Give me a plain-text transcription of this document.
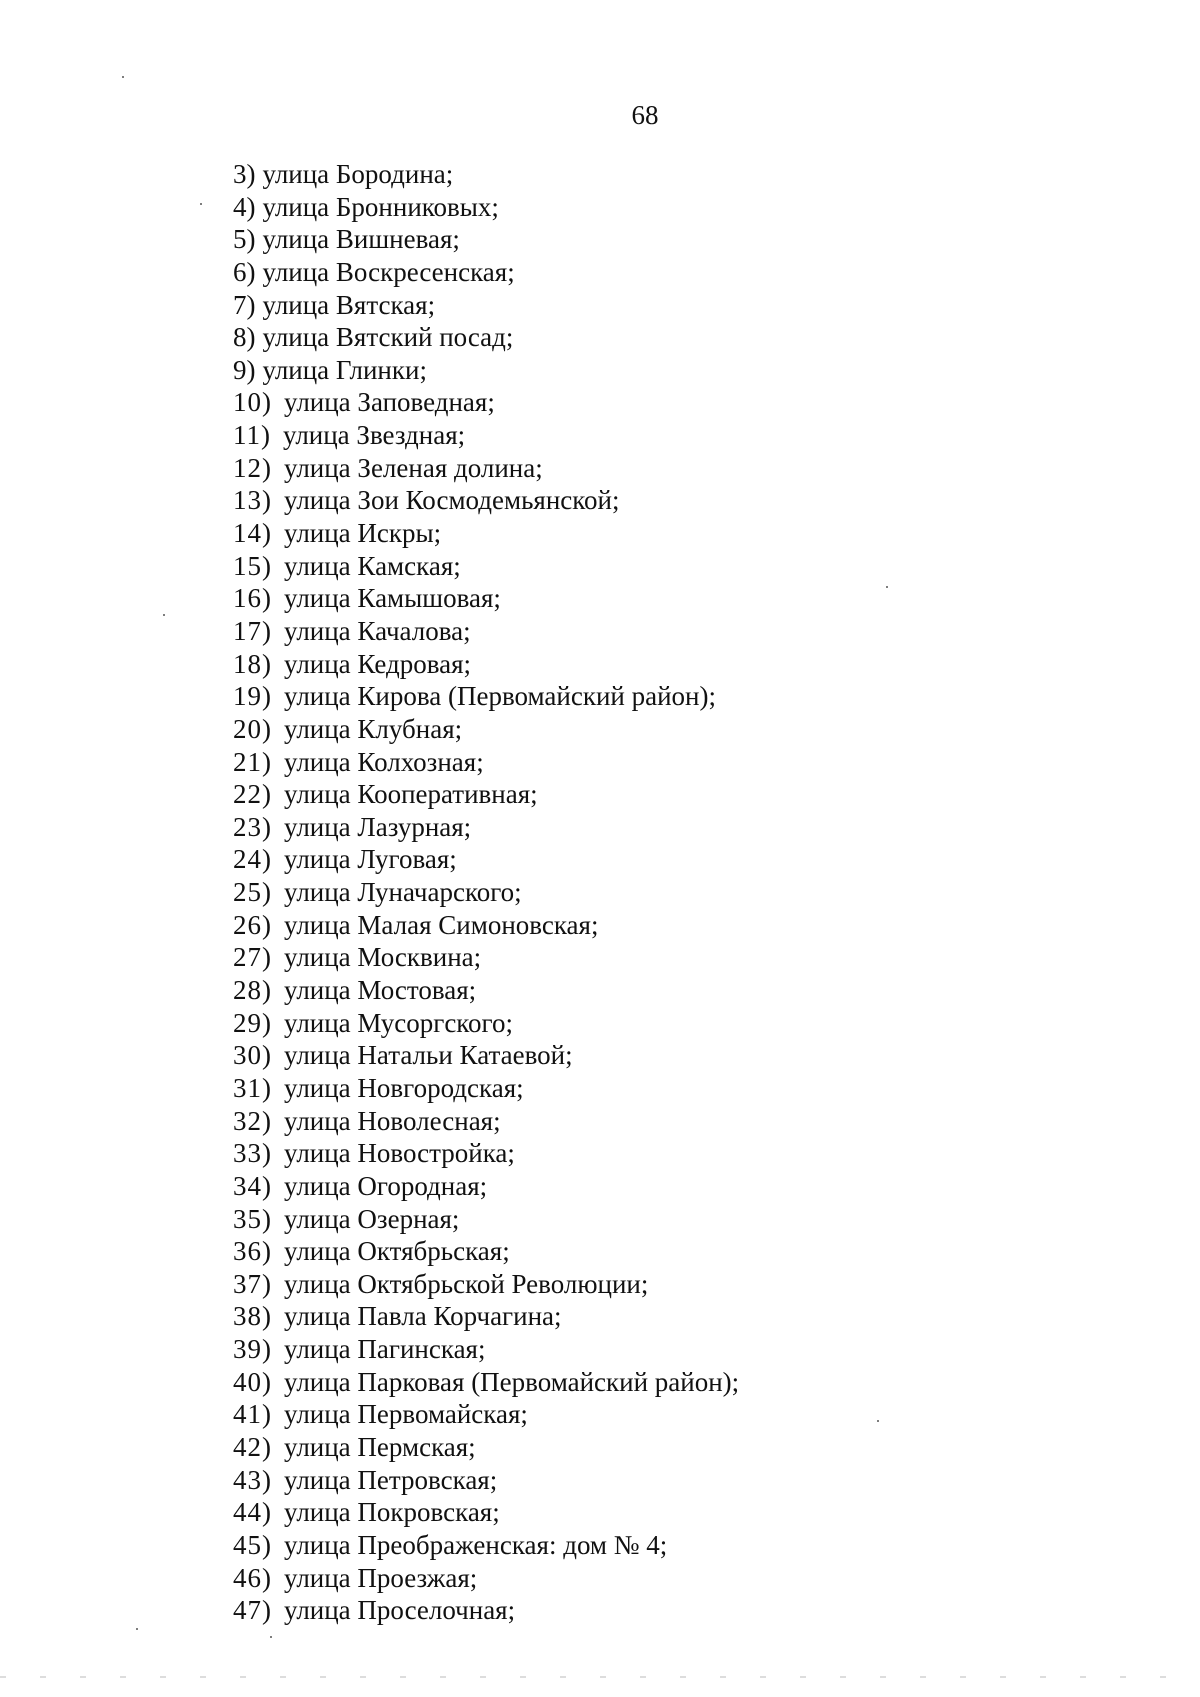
68
3) улица Бородина;
4) улица Бронниковых;
5) улица Вишневая;
6) улица Воскресенская;
7) улица Вятская;
8) улица Вятский посад;
9) улица Глинки;
10) улица Заповедная;
11) улица Звездная;
12) улица Зеленая долина;
13) улица Зои Космодемьянской;
14) улица Искры;
15) улица Камская;
16) улица Камышовая;
17) улица Качалова;
18) улица Кедровая;
19) улица Кирова (Первомайский район);
20) улица Клубная;
21) улица Колхозная;
22) улица Кооперативная;
23) улица Лазурная;
24) улица Луговая;
25) улица Луначарского;
26) улица Малая Симоновская;
27) улица Москвина;
28) улица Мостовая;
29) улица Мусоргского;
30) улица Натальи Катаевой;
31) улица Новгородская;
32) улица Новолесная;
33) улица Новостройка;
34) улица Огородная;
35) улица Озерная;
36) улица Октябрьская;
37) улица Октябрьской Революции;
38) улица Павла Корчагина;
39) улица Пагинская;
40) улица Парковая (Первомайский район);
41) улица Первомайская;
42) улица Пермская;
43) улица Петровская;
44) улица Покровская;
45) улица Преображенская: дом № 4;
46) улица Проезжая;
47) улица Проселочная;
